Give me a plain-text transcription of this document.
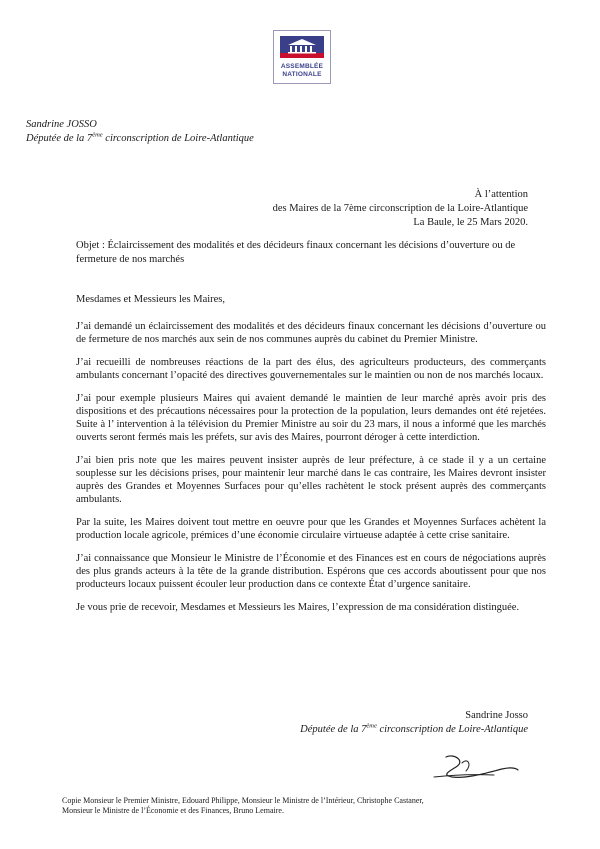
ASSEMBLÉE
NATIONALE
Sandrine JOSSO
Députée de la 7ème circonscription de Loire-Atlantique
À l’attention
des Maires de la 7ème circonscription de la Loire-Atlantique
La Baule, le 25 Mars 2020.
Objet : Éclaircissement des modalités et des décideurs finaux concernant les décisions d’ouverture ou de fermeture de nos marchés
Mesdames et Messieurs les Maires,

J’ai demandé un éclaircissement des modalités et des décideurs finaux concernant les décisions d’ouverture ou de fermeture de nos marchés aux sein de nos communes auprès du cabinet du Premier Ministre.

J’ai recueilli de nombreuses réactions de la part des élus, des agriculteurs producteurs, des commerçants ambulants concernant l’opacité des directives gouvernementales sur le maintien ou non de nos marchés locaux.

J’ai pour exemple plusieurs Maires qui avaient demandé le maintien de leur marché après avoir pris des dispositions et des précautions nécessaires pour la protection de la population, leurs demandes ont été rejetées. Suite à l’ intervention à la télévision du Premier Ministre au soir du 23 mars, il nous a informé que les marchés ouverts seront fermés mais les préfets, sur avis des Maires, pourront déroger à cette interdiction.

J’ai bien pris note que les maires peuvent insister auprès de leur préfecture, à ce stade il y a un certaine souplesse sur les décisions prises, pour maintenir leur marché dans le cas contraire, les Maires devront insister auprès des Grandes et Moyennes Surfaces pour qu’elles rachètent le stock présent auprès des commerçants ambulants.

Par la suite, les Maires doivent tout mettre en oeuvre pour que les Grandes et Moyennes Surfaces achètent la production locale agricole, prémices d’une économie circulaire virtueuse adaptée à cette crise sanitaire.

J’ai connaissance que Monsieur le Ministre de l’Économie et des Finances est en cours de négociations auprès des plus grands acteurs à la tête de la grande distribution. Espérons que ces accords aboutissent pour que nos producteurs locaux puissent écouler leur production dans ce contexte État d’urgence sanitaire.

Je vous prie de recevoir, Mesdames et Messieurs les Maires, l’expression de ma considération distinguée.

Sandrine Josso
Députée de la 7ème circonscription de Loire-Atlantique
Copie Monsieur le Premier Ministre, Edouard Philippe, Monsieur le Ministre de l’Intérieur, Christophe Castaner,
Monsieur le Ministre de l’Économie et des Finances, Bruno Lemaire.
